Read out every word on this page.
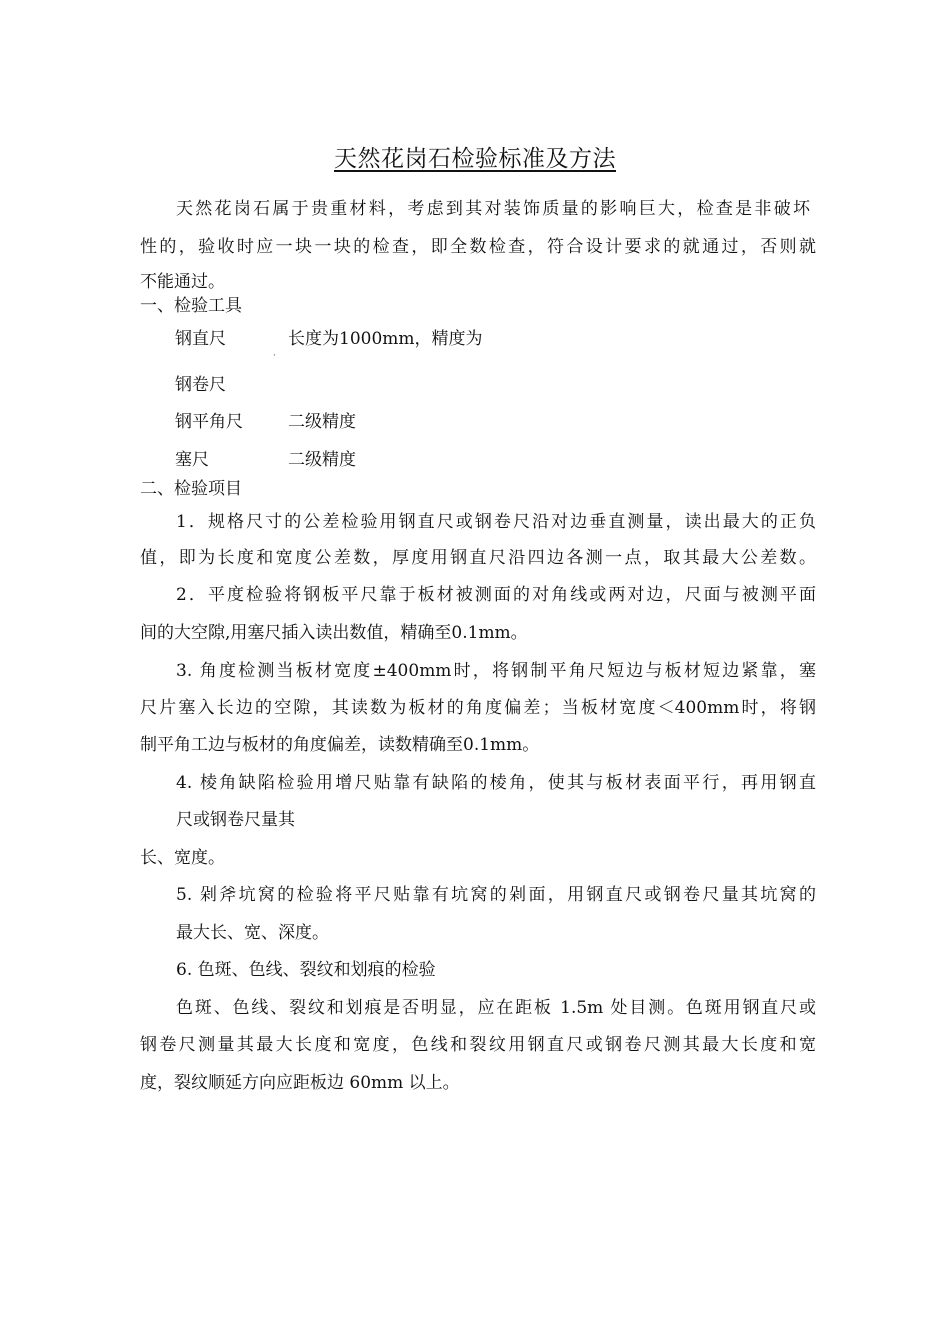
天然花岗石检验标准及方法
天然花岗石属于贵重材料，考虑到其对装饰质量的影响巨大，检查是非破坏
性的，验收时应一块一块的检查，即全数检查，符合设计要求的就通过，否则就
不能通过。
一、检验工具
钢直尺	长度为1000mm，精度为
·
钢卷尺
钢平角尺	二级精度
塞尺	二级精度
二、检验项目
1．规格尺寸的公差检验用钢直尺或钢卷尺沿对边垂直测量，读出最大的正负
值，即为长度和宽度公差数，厚度用钢直尺沿四边各测一点，取其最大公差数。
2．平度检验将钢板平尺靠于板材被测面的对角线或两对边，尺面与被测平面
间的大空隙,用塞尺插入读出数值，精确至0.1mm。
3. 角度检测当板材宽度±400mm时，将钢制平角尺短边与板材短边紧靠，塞
尺片塞入长边的空隙，其读数为板材的角度偏差；当板材宽度＜400mm时，将钢
制平角工边与板材的角度偏差，读数精确至0.1mm。
4. 棱角缺陷检验用增尺贴靠有缺陷的棱角，使其与板材表面平行，再用钢直
尺或钢卷尺量其
长、宽度。
5. 剁斧坑窝的检验将平尺贴靠有坑窝的剁面，用钢直尺或钢卷尺量其坑窝的
最大长、宽、深度。
6. 色斑、色线、裂纹和划痕的检验
色斑、色线、裂纹和划痕是否明显，应在距板 1.5m 处目测。色斑用钢直尺或
钢卷尺测量其最大长度和宽度，色线和裂纹用钢直尺或钢卷尺测其最大长度和宽
度，裂纹顺延方向应距板边 60mm 以上。
